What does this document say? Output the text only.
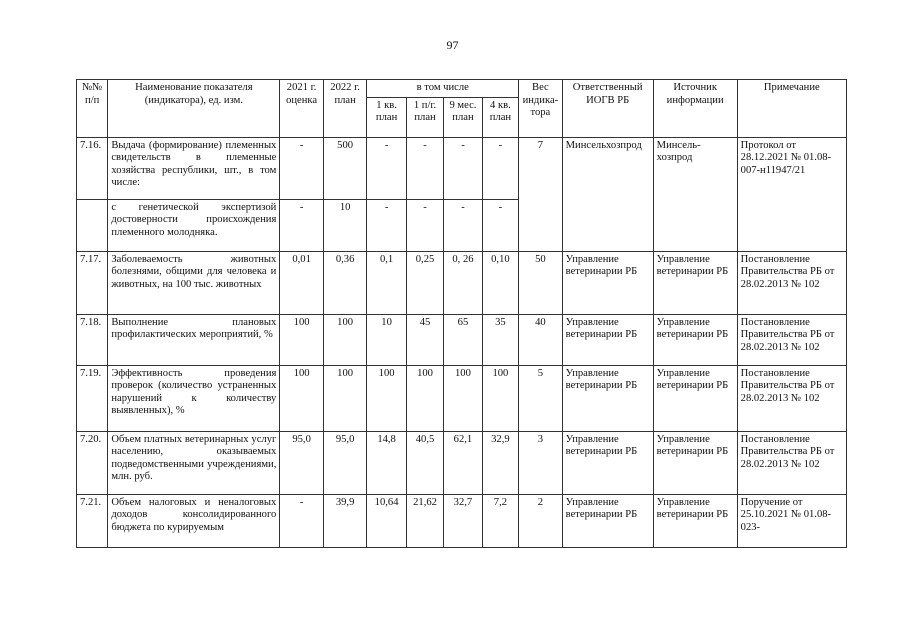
97
№№ п/п	Наименование показателя (индикатора), ед. изм.	2021 г. оценка	2022 г. план	в том числе				Вес индика-тора	Ответственный ИОГВ РБ	Источник информации	Примечание
				1 кв. план	1 п/г. план	9 мес. план	4 кв. план				
7.16.	Выдача (формирование) племенных свидетельств в племенные хозяйства республики, шт., в том числе:	-	500	-	-	-	-	7	Минсельхозпрод	Минсель-хозпрод	Протокол от 28.12.2021 № 01.08-007-н11947/21
	с генетической экспертизой достоверности происхождения племенного молодняка.	-	10	-	-	-	-				
7.17.	Заболеваемость животных болезнями, общими для человека и животных, на 100 тыс. животных	0,01	0,36	0,1	0,25	0, 26	0,10	50	Управление ветеринарии РБ	Управление ветеринарии РБ	Постановление Правительства РБ от 28.02.2013 № 102
7.18.	Выполнение плановых профилактических мероприятий, %	100	100	10	45	65	35	40	Управление ветеринарии РБ	Управление ветеринарии РБ	Постановление Правительства РБ от 28.02.2013 № 102
7.19.	Эффективность проведения проверок (количество устраненных нарушений к количеству выявленных), %	100	100	100	100	100	100	5	Управление ветеринарии РБ	Управление ветеринарии РБ	Постановление Правительства РБ от 28.02.2013 № 102
7.20.	Объем платных ветеринарных услуг населению, оказываемых подведомственными учреждениями, млн. руб.	95,0	95,0	14,8	40,5	62,1	32,9	3	Управление ветеринарии РБ	Управление ветеринарии РБ	Постановление Правительства РБ от 28.02.2013 № 102
7.21.	Объем налоговых и неналоговых доходов консолидированного бюджета по курируемым	-	39,9	10,64	21,62	32,7	7,2	2	Управление ветеринарии РБ	Управление ветеринарии РБ	Поручение от 25.10.2021 № 01.08-023-
